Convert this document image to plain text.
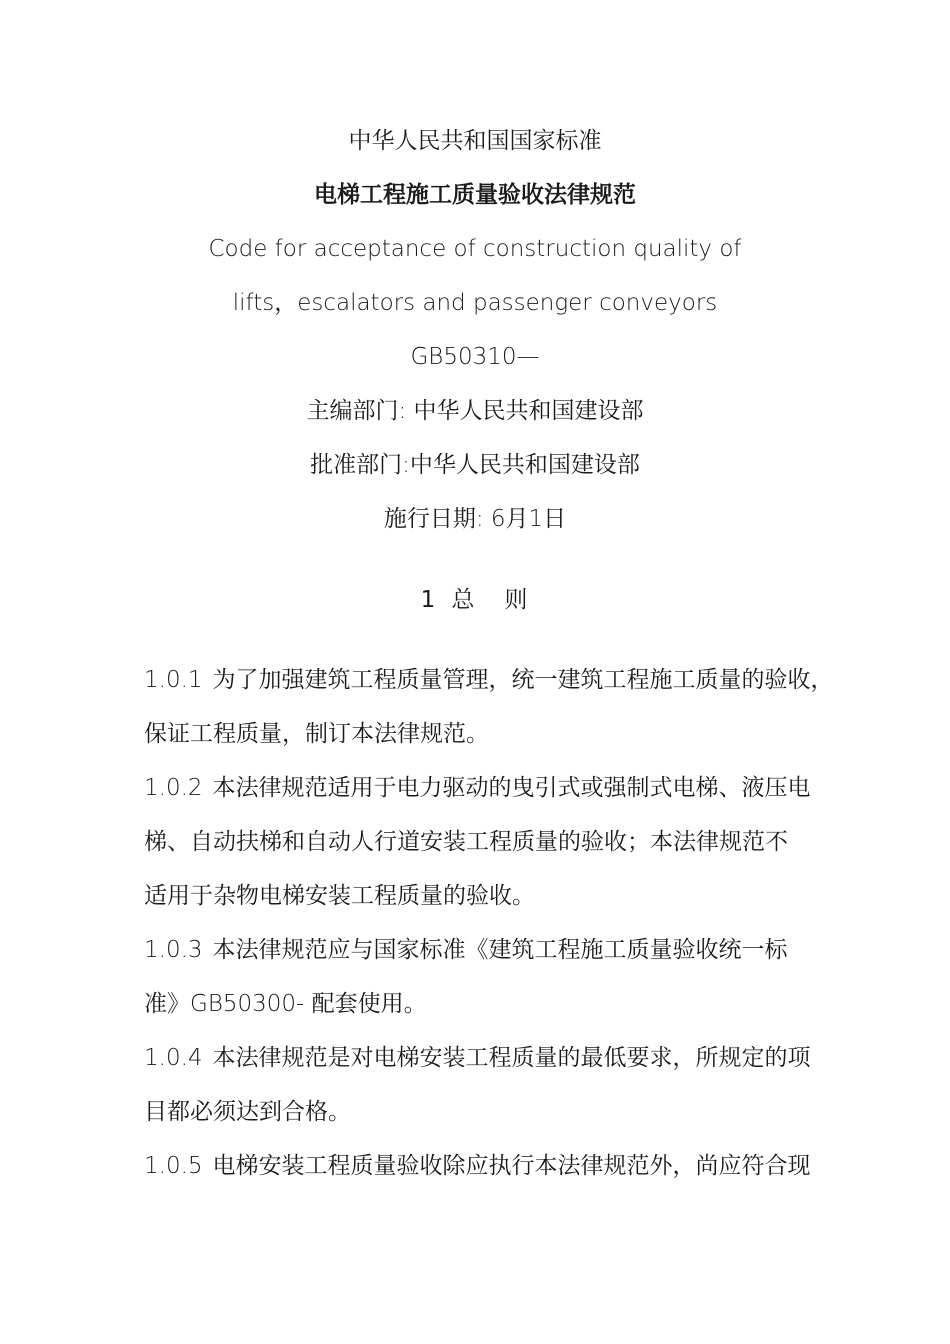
中华人民共和国国家标准
电梯工程施工质量验收法律规范
Code for acceptance of construction quality of
lifts，escalators and passenger conveyors
GB50310—
主编部门: 中华人民共和国建设部
批准部门:中华人民共和国建设部
施行日期: 6月1日
1 总 则
1.0.1 为了加强建筑工程质量管理，统一建筑工程施工质量的验收，
保证工程质量，制订本法律规范。
1.0.2 本法律规范适用于电力驱动的曳引式或强制式电梯、液压电
梯、自动扶梯和自动人行道安装工程质量的验收；本法律规范不
适用于杂物电梯安装工程质量的验收。
1.0.3 本法律规范应与国家标准《建筑工程施工质量验收统一标
准》GB50300- 配套使用。
1.0.4 本法律规范是对电梯安装工程质量的最低要求，所规定的项
目都必须达到合格。
1.0.5 电梯安装工程质量验收除应执行本法律规范外，尚应符合现
